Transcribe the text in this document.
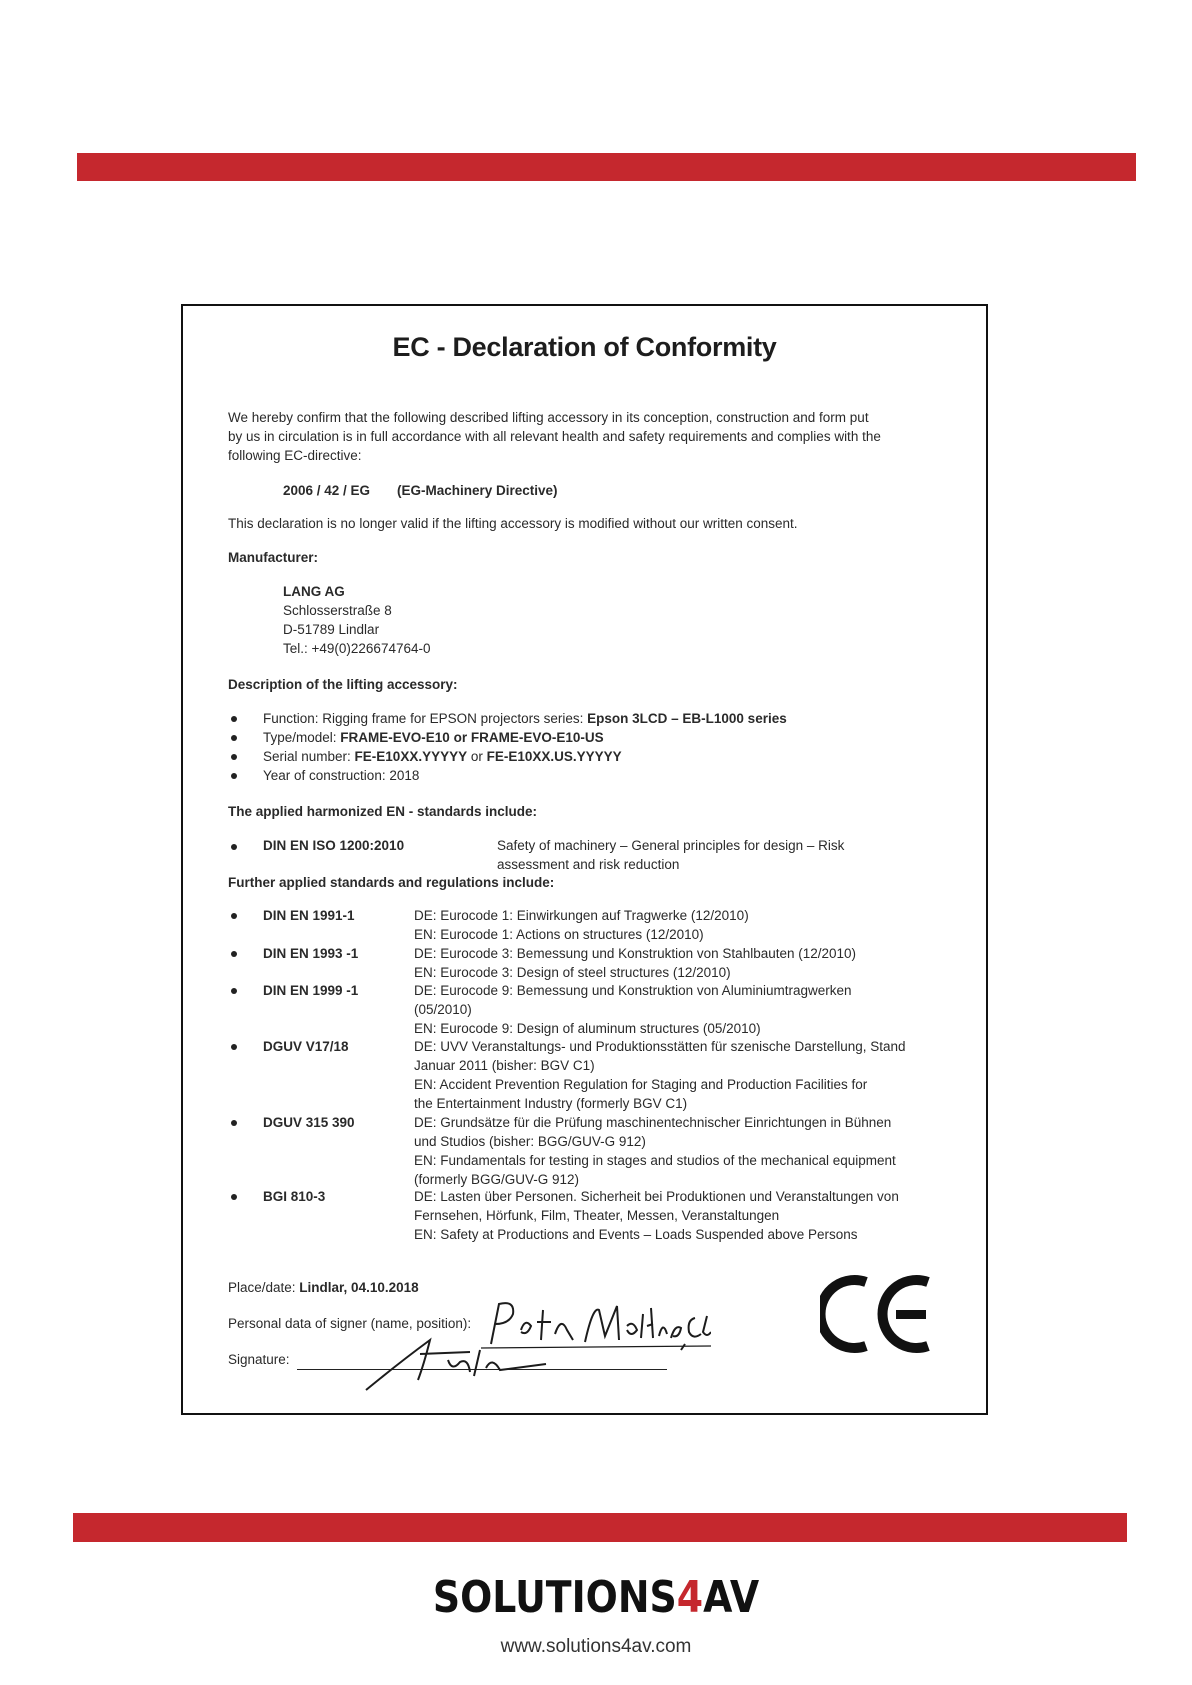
EC - Declaration of Conformity
We hereby confirm that the following described lifting accessory in its conception, construction and form put
by us in circulation is in full accordance with all relevant health and safety requirements and complies with the
following EC-directive:
2006 / 42 / EG (EG-Machinery Directive)
This declaration is no longer valid if the lifting accessory is modified without our written consent.
Manufacturer:
LANG AG
Schlosserstraße 8
D-51789 Lindlar
Tel.: +49(0)226674764-0
Description of the lifting accessory:
Function: Rigging frame for EPSON projectors series: Epson 3LCD – EB-L1000 series
Type/model: FRAME-EVO-E10 or FRAME-EVO-E10-US
Serial number: FE-E10XX.YYYYY or FE-E10XX.US.YYYYY
Year of construction: 2018
The applied harmonized EN - standards include:
DIN EN ISO 1200:2010	Safety of machinery – General principles for design – Risk
assessment and risk reduction
Further applied standards and regulations include:
DIN EN 1991-1	DE: Eurocode 1: Einwirkungen auf Tragwerke (12/2010)
EN: Eurocode 1: Actions on structures (12/2010)
DIN EN 1993 -1	DE: Eurocode 3: Bemessung und Konstruktion von Stahlbauten (12/2010)
EN: Eurocode 3: Design of steel structures (12/2010)
DIN EN 1999 -1	DE: Eurocode 9: Bemessung und Konstruktion von Aluminiumtragwerken
(05/2010)
EN: Eurocode 9: Design of aluminum structures (05/2010)
DGUV V17/18	DE: UVV Veranstaltungs- und Produktionsstätten für szenische Darstellung, Stand
Januar 2011 (bisher: BGV C1)
EN: Accident Prevention Regulation for Staging and Production Facilities for
the Entertainment Industry (formerly BGV C1)
DGUV 315 390	DE: Grundsätze für die Prüfung maschinentechnischer Einrichtungen in Bühnen
und Studios (bisher: BGG/GUV-G 912)
EN: Fundamentals for testing in stages and studios of the mechanical equipment
(formerly BGG/GUV-G 912)
BGI 810-3	DE: Lasten über Personen. Sicherheit bei Produktionen und Veranstaltungen von
Fernsehen, Hörfunk, Film, Theater, Messen, Veranstaltungen
EN: Safety at Productions and Events – Loads Suspended above Persons
Place/date: Lindlar, 04.10.2018
Personal data of signer (name, position):
Signature:
SOLUTIONS4AV
www.solutions4av.com
